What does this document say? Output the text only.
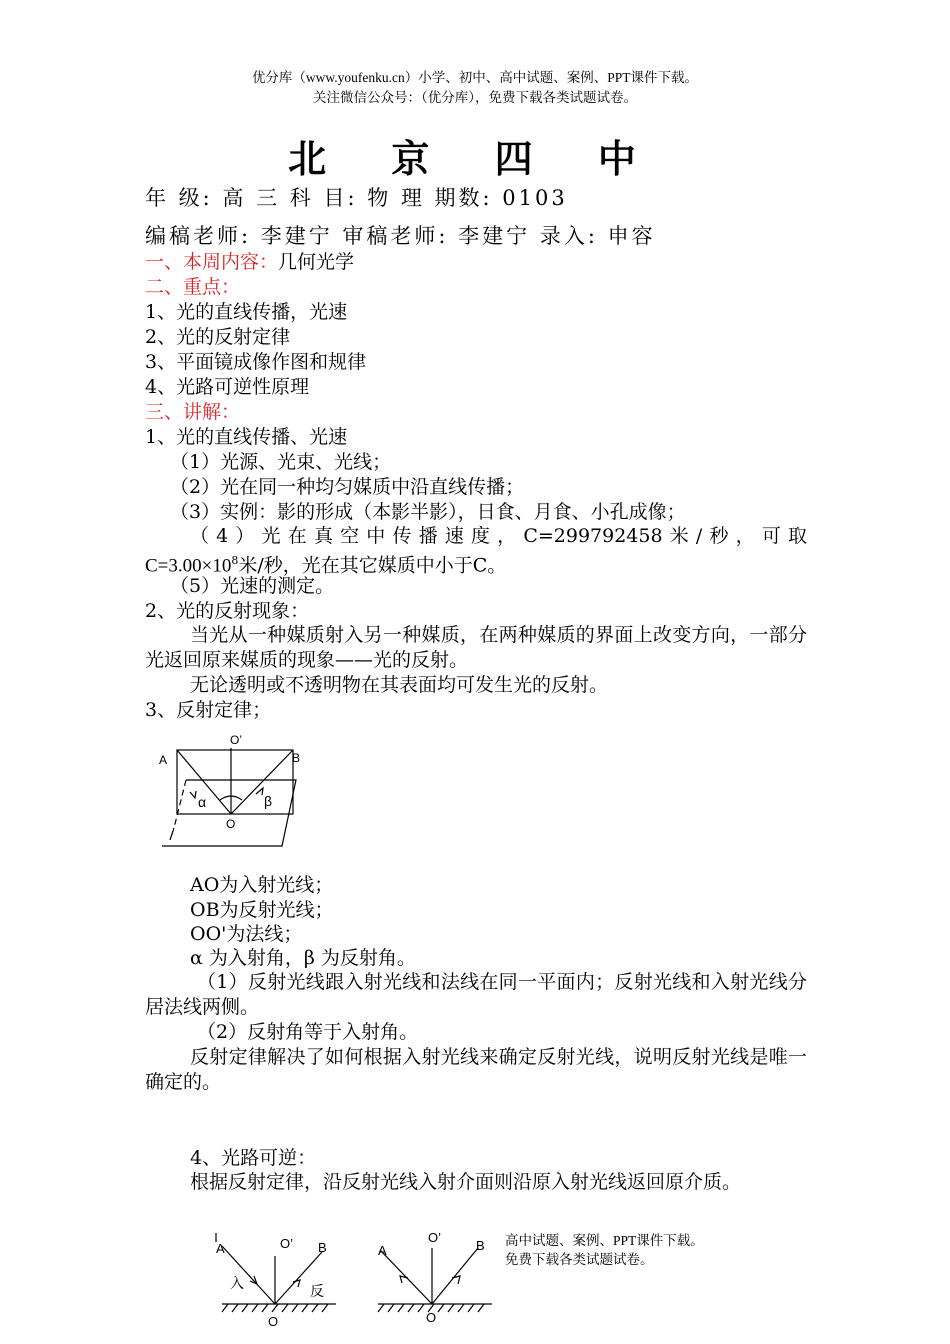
优分库（www.youfenku.cn）小学、初中、高中试题、案例、PPT课件下载。
关注微信公众号：（优分库），免费下载各类试题试卷。
北 京 四 中
年 级: 高 三 科 目: 物 理 期数: 0103
编稿老师: 李建宁 审稿老师: 李建宁 录入: 申容
一、本周内容：几何光学
二、重点：
1、光的直线传播，光速
2、光的反射定律
3、平面镜成像作图和规律
4、光路可逆性原理
三、讲解：
1、光的直线传播、光速
（1）光源、光束、光线；
（2）光在同一种均匀媒质中沿直线传播；
（3）实例：影的形成（本影半影），日食、月食、小孔成像；
（4）光在真空中传播速度，C=299792458米/秒，可取
$C=3.00\times 10^8$米/秒，光在其它媒质中小于C。
（5）光速的测定。
2、光的反射现象：
当光从一种媒质射入另一种媒质，在两种媒质的界面上改变方向，一部分光返回原来媒质的现象——光的反射。
无论透明或不透明物在其表面均可发生光的反射。
3、反射定律；
O’
A	B
α	β
O
AO为入射光线；
OB为反射光线；
OO'为法线；
α 为入射角，β 为反射角。
（1）反射光线跟入射光线和法线在同一平面内；反射光线和入射光线分居法线两侧。
（2）反射角等于入射角。
反射定律解决了如何根据入射光线来确定反射光线，说明反射光线是唯一确定的。
4、光路可逆：
根据反射定律，沿反射光线入射介面则沿原入射光线返回原介质。
A	O’ B
入	反
O
A
O’
B
O
高中试题、案例、PPT课件下载。
免费下载各类试题试卷。
